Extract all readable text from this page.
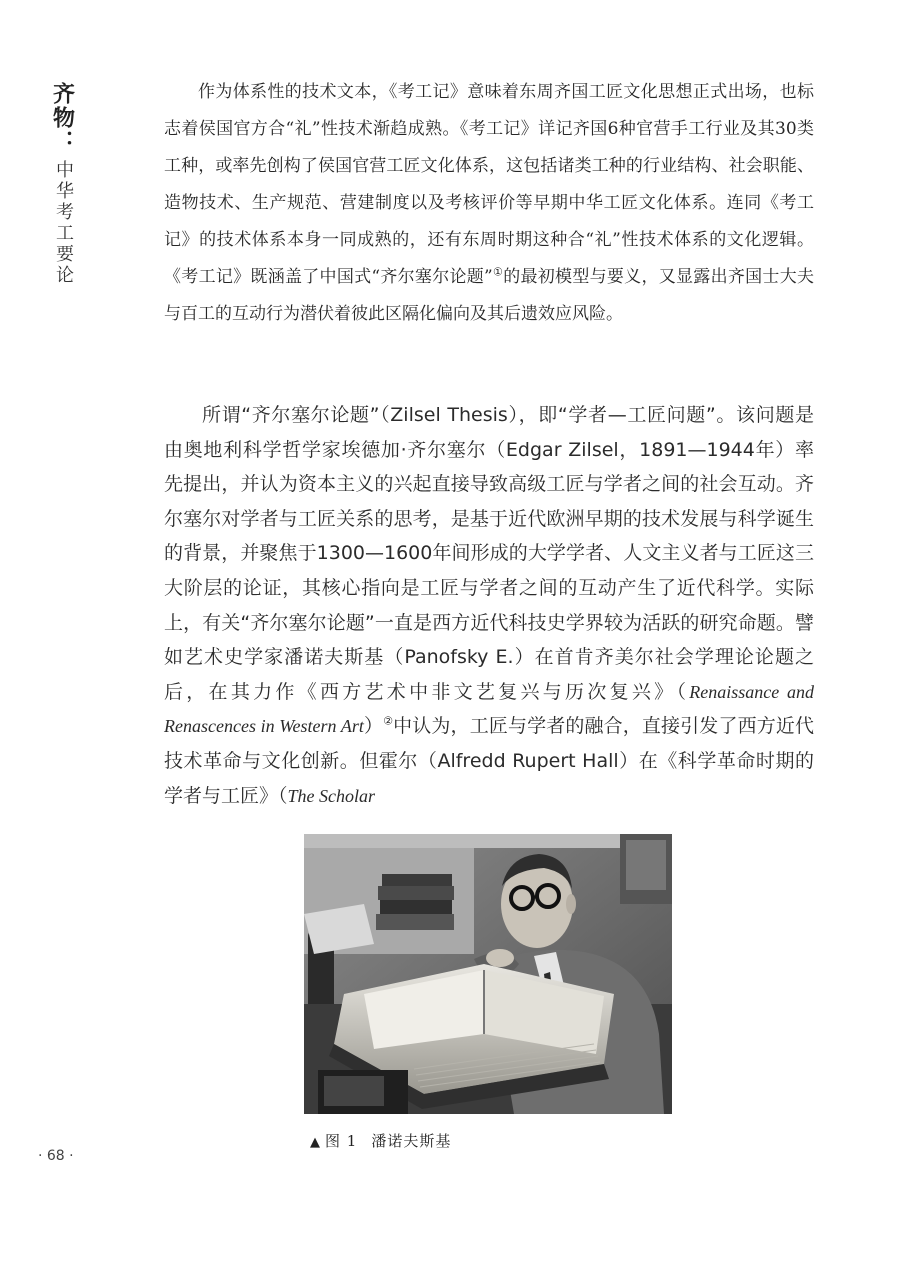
齐物：
中华考工要论

作为体系性的技术文本，《考工记》意味着东周齐国工匠文化思想正式出场，也标志着侯国官方合“礼”性技术渐趋成熟。《考工记》详记齐国6种官营手工行业及其30类工种，或率先创构了侯国官营工匠文化体系，这包括诸类工种的行业结构、社会职能、造物技术、生产规范、营建制度以及考核评价等早期中华工匠文化体系。连同《考工记》的技术体系本身一同成熟的，还有东周时期这种合“礼”性技术体系的文化逻辑。《考工记》既涵盖了中国式“齐尔塞尔论题”①的最初模型与要义，又显露出齐国士大夫与百工的互动行为潜伏着彼此区隔化偏向及其后遗效应风险。

所谓“齐尔塞尔论题”（Zilsel Thesis），即“学者—工匠问题”。该问题是由奥地利科学哲学家埃德加·齐尔塞尔（Edgar Zilsel，1891—1944年）率先提出，并认为资本主义的兴起直接导致高级工匠与学者之间的社会互动。齐尔塞尔对学者与工匠关系的思考，是基于近代欧洲早期的技术发展与科学诞生的背景，并聚焦于1300—1600年间形成的大学学者、人文主义者与工匠这三大阶层的论证，其核心指向是工匠与学者之间的互动产生了近代科学。实际上，有关“齐尔塞尔论题”一直是西方近代科技史学界较为活跃的研究命题。譬如艺术史学家潘诺夫斯基（Panofsky E.）在首肯齐美尔社会学理论论题之后，在其力作《西方艺术中非文艺复兴与历次复兴》（Renaissance and Renascences in Western Art）②中认为，工匠与学者的融合，直接引发了西方近代技术革命与文化创新。但霍尔（Alfredd Rupert Hall）在《科学革命时期的学者与工匠》（The Scholar

▲ 图 1 潘诺夫斯基
· 68 ·
